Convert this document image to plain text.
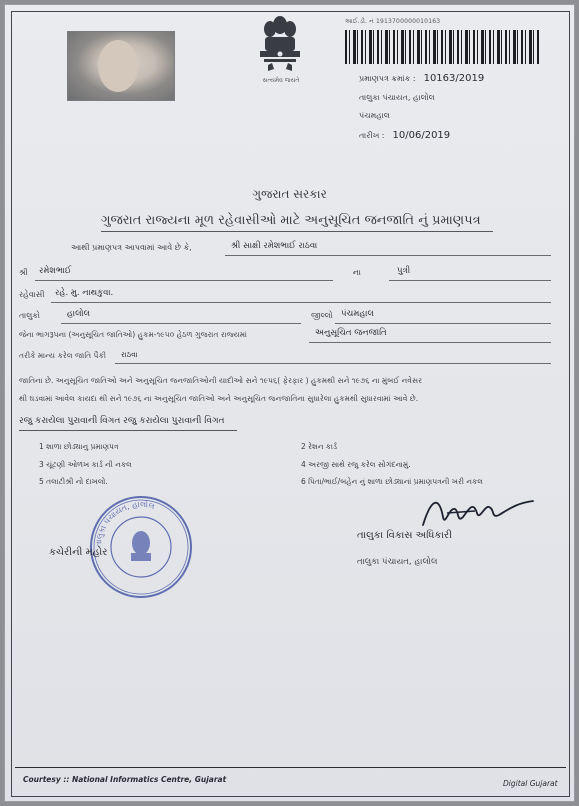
સત્યમેવ જયતે
આઈ.ડી. નં 1913700000010163
પ્રમાણપત્ર ક્રમાંક : 10163/2019
તાલુકા પંચાયત, હાલોલ
પંચમહાલ
તારીખ : 10/06/2019
ગુજરાત સરકાર
ગુજરાત રાજ્યના મૂળ રહેવાસીઓ માટે અનુસૂચિત જનજાતિ નું પ્રમાણપત્ર
આથી પ્રમાણપત્ર આપવામાં આવે છે કે,	શ્રી સાક્ષી રમેશભાઈ રાઠવા
શ્રી રમેશભાઈ	ના	પુત્રી
રહેવાસી રહે. મુ. નાથકુવા.
તાલુકો	હાલોલ	જીલ્લો પંચમહાલ
જેના ભાગરૂપના (અનુસૂચિત જાતિઓ) હુકમ-૧૯૫૦ હેઠળ ગુજરાત રાજ્યમાં	અનુસૂચિત જનજાતિ
તરીકે માન્ય કરેલ જાતિ પૈકી રાઠવા
જાતિના છે. અનુસૂચિત જાતિઓ અને અનુસૂચિત જનજાતિઓની યાદીઓ સને ૧૯૫૬( ફેરફાર ) હુકમથી સને ૧૯૭૬ ના મુંબઈ નવેસર
થી ઘડવામાં આવેલ કાયદા થી સને ૧૯૭૬ ના અનુસૂચિત જાતિઓ અને અનુસૂચિત જનજાતિના સુધારેલા હુકમથી સુધારવામાં આવે છે.
રજુ કરાયેલા પુરાવાની વિગત રજુ કરાયેલા પુરાવાની વિગત
1 શાળા છોડ્યાનુ પ્રમાણપત્ર	2 રેશન કાર્ડ
3 ચૂંટણી ઓળખ કાર્ડ ની નકલ	4 અરજી સાથે રજુ કરેલ સોગંદનામું.
5 તલાટીશ્રી નો દાખલો.	6 પિતા/ભાઈ/બહેન નું શાળા છોડ્યાનાં પ્રમાણપત્રની ખરી નકલ
તાલુકા પંચાયત, હાલોલ
કચેરીની મહોર
તાલુકા વિકાસ અધિકારી
તાલુકા પંચાયત, હાલોલ
Courtesy :: National Informatics Centre, Gujarat	Digital Gujarat
